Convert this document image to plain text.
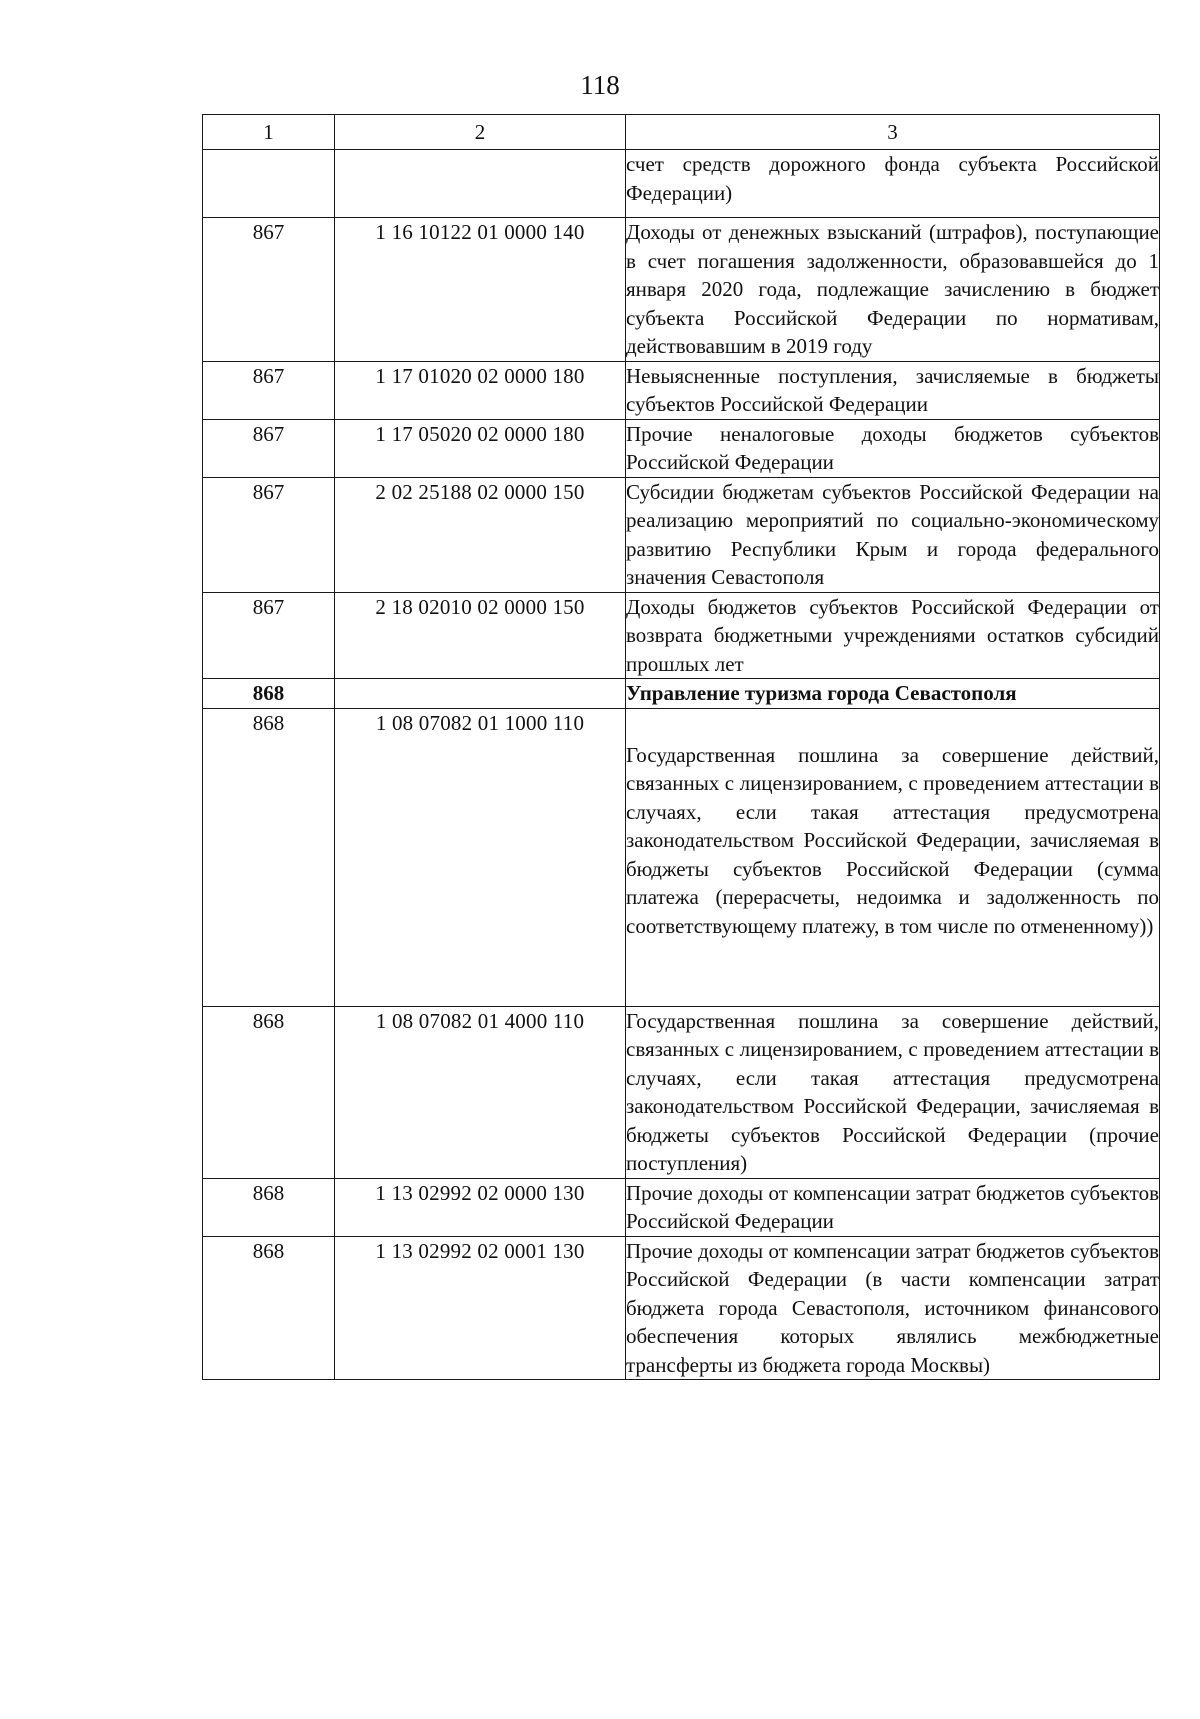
118
1	2	3
		счет средств дорожного фонда субъекта Российской Федерации)
867	1 16 10122 01 0000 140	Доходы от денежных взысканий (штрафов), поступающие в счет погашения задолженности, образовавшейся до 1 января 2020 года, подлежащие зачислению в бюджет субъекта Российской Федерации по нормативам, действовавшим в 2019 году
867	1 17 01020 02 0000 180	Невыясненные поступления, зачисляемые в бюджеты субъектов Российской Федерации
867	1 17 05020 02 0000 180	Прочие неналоговые доходы бюджетов субъектов Российской Федерации
867	2 02 25188 02 0000 150	Субсидии бюджетам субъектов Российской Федерации на реализацию мероприятий по социально-экономическому развитию Республики Крым и города федерального значения Севастополя
867	2 18 02010 02 0000 150	Доходы бюджетов субъектов Российской Федерации от возврата бюджетными учреждениями остатков субсидий прошлых лет
868		Управление туризма города Севастополя
868	1 08 07082 01 1000 110	Государственная пошлина за совершение действий, связанных с лицензированием, с проведением аттестации в случаях, если такая аттестация предусмотрена законодательством Российской Федерации, зачисляемая в бюджеты субъектов Российской Федерации (сумма платежа (перерасчеты, недоимка и задолженность по соответствующему платежу, в том числе по отмененному))
868	1 08 07082 01 4000 110	Государственная пошлина за совершение действий, связанных с лицензированием, с проведением аттестации в случаях, если такая аттестация предусмотрена законодательством Российской Федерации, зачисляемая в бюджеты субъектов Российской Федерации (прочие поступления)
868	1 13 02992 02 0000 130	Прочие доходы от компенсации затрат бюджетов субъектов Российской Федерации
868	1 13 02992 02 0001 130	Прочие доходы от компенсации затрат бюджетов субъектов Российской Федерации (в части компенсации затрат бюджета города Севастополя, источником финансового обеспечения которых являлись межбюджетные трансферты из бюджета города Москвы)
